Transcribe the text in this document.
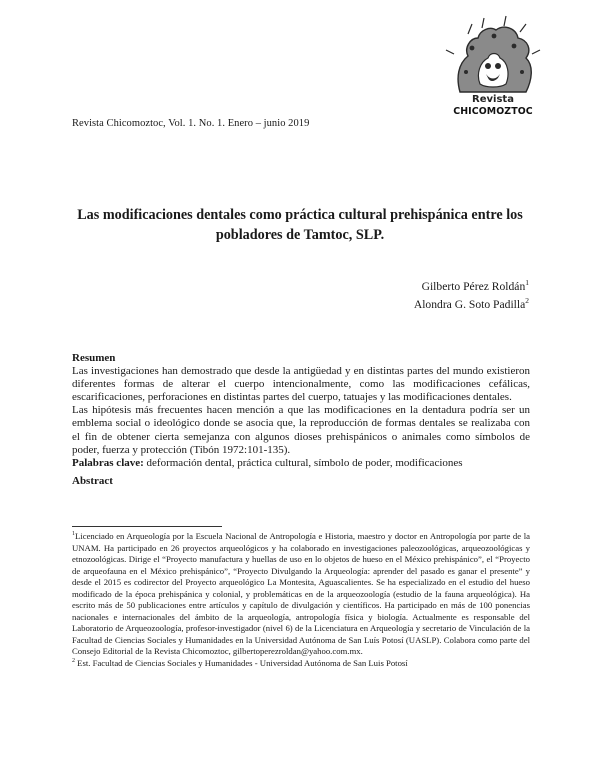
Revista Chicomoztoc, Vol. 1. No. 1. Enero – junio 2019
Revista
CHICOMOZTOC
Las modificaciones dentales como práctica cultural prehispánica entre los pobladores de Tamtoc, SLP.
Gilberto Pérez Roldán$^1$
Alondra G. Soto Padilla$^2$

Resumen

Las investigaciones han demostrado que desde la antigüedad y en distintas partes del mundo existieron diferentes formas de alterar el cuerpo intencionalmente, como las modificaciones cefálicas, escarificaciones, perforaciones en distintas partes del cuerpo, tatuajes y las modificaciones dentales.

Las hipótesis más frecuentes hacen mención a que las modificaciones en la dentadura podría ser un emblema social o ideológico donde se asocia que, la reproducción de formas dentales se realizaba con el fin de obtener cierta semejanza con algunos dioses prehispánicos o animales como símbolos de poder, fuerza y protección (Tibón 1972:101-135).

Palabras clave: deformación dental, práctica cultural, símbolo de poder, modificaciones

Abstract

$^1$Licenciado en Arqueología por la Escuela Nacional de Antropología e Historia, maestro y doctor en Antropología por parte de la UNAM. Ha participado en 26 proyectos arqueológicos y ha colaborado en investigaciones paleozoológicas, arqueozoológicas y etnozoológicas. Dirige el “Proyecto manufactura y huellas de uso en lo objetos de hueso en el México prehispánico”, el “Proyecto de arqueofauna en el México prehispánico”, “Proyecto Divulgando la Arqueología: aprender del pasado es ganar el presente” y desde el 2015 es codirector del Proyecto arqueológico La Montesita, Aguascalientes. Se ha especializado en el estudio del hueso modificado de la época prehispánica y colonial, y problemáticas en de la arqueozoología (estudio de la fauna arqueológica). Ha escrito más de 50 publicaciones entre artículos y capítulo de divulgación y científicos. Ha participado en más de 100 ponencias nacionales e internacionales del ámbito de la arqueología, antropología física y biología. Actualmente es responsable del Laboratorio de Arqueozoología, profesor-investigador (nivel 6) de la Licenciatura en Arqueología y secretario de Vinculación de la Facultad de Ciencias Sociales y Humanidades en la Universidad Autónoma de San Luís Potosí (UASLP). Colabora como parte del Consejo Editorial de la Revista Chicomoztoc, gilbertoperezroldan@yahoo.com.mx.

$^2$ Est. Facultad de Ciencias Sociales y Humanidades - Universidad Autónoma de San Luis Potosí
